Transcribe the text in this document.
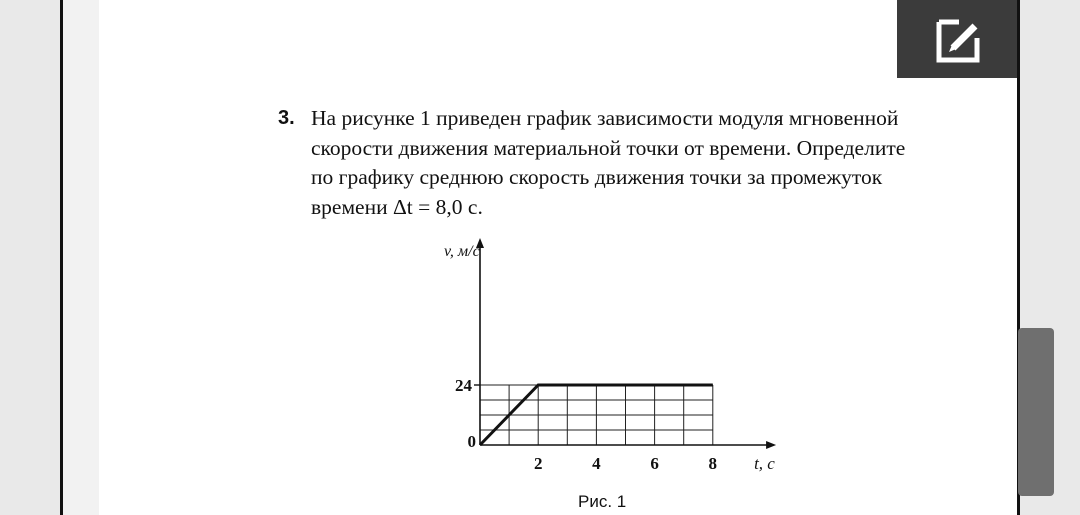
3. На рисунке 1 приведен график зависимости модуля мгновенной
скорости движения материальной точки от времени. Определите
по графику среднюю скорость движения точки за промежуток
времени Δt = 8,0 с.
2	4	6	8
24
0
t, c
v, м/с
Рис. 1
